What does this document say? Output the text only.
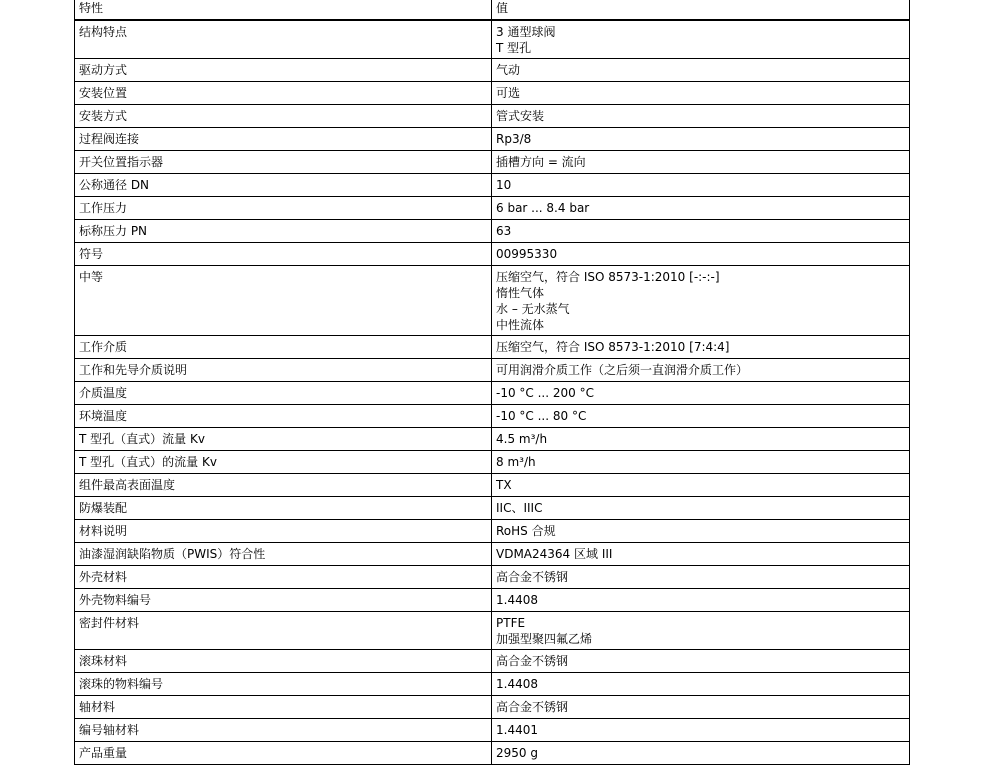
特性	值
结构特点	3 通型球阀
T 型孔

驱动方式	气动

安装位置	可选

安装方式	管式安装

过程阀连接	Rp3/8

开关位置指示器	插槽方向 = 流向

公称通径 DN	10

工作压力	6 bar ... 8.4 bar

标称压力 PN	63

符号	00995330

中等	压缩空气，符合 ISO 8573-1:2010 [-:-:-]
惰性气体
水 – 无水蒸气
中性流体

工作介质	压缩空气，符合 ISO 8573-1:2010 [7:4:4]

工作和先导介质说明	可用润滑介质工作（之后须一直润滑介质工作）

介质温度	-10 °C ... 200 °C

环境温度	-10 °C ... 80 °C

T 型孔（直式）流量 Kv	4.5 m³/h

T 型孔（直式）的流量 Kv	8 m³/h

组件最高表面温度	TX

防爆装配	IIC、IIIC

材料说明	RoHS 合规

油漆湿润缺陷物质（PWIS）符合性	VDMA24364 区域 III

外壳材料	高合金不锈钢

外壳物料编号	1.4408

密封件材料	PTFE
加强型聚四氟乙烯

滚珠材料	高合金不锈钢

滚珠的物料编号	1.4408

轴材料	高合金不锈钢

编号轴材料	1.4401

产品重量	2950 g
